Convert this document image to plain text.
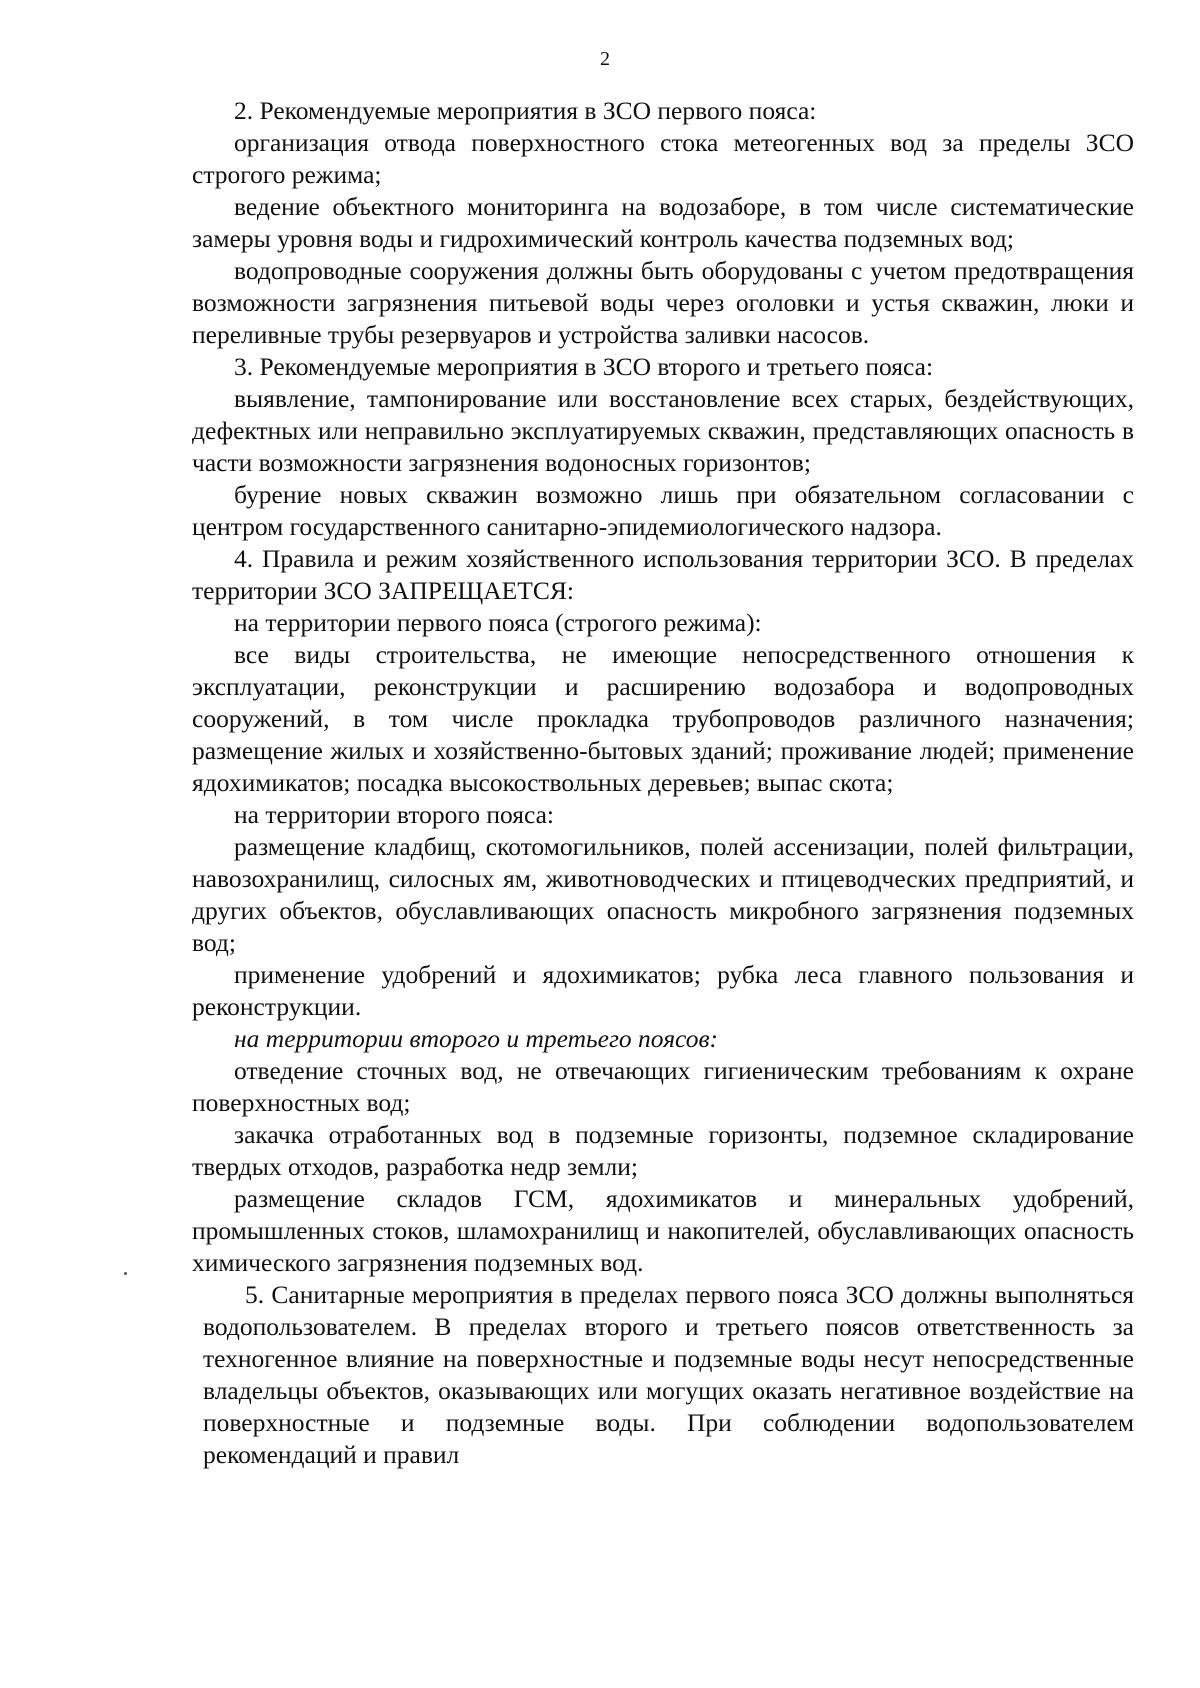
2

2. Рекомендуемые мероприятия в ЗСО первого пояса:

организация отвода поверхностного стока метеогенных вод за пределы ЗСО строгого режима;

ведение объектного мониторинга на водозаборе, в том числе систематические замеры уровня воды и гидрохимический контроль качества подземных вод;

водопроводные сооружения должны быть оборудованы с учетом предотвращения возможности загрязнения питьевой воды через оголовки и устья скважин, люки и переливные трубы резервуаров и устройства заливки насосов.

3. Рекомендуемые мероприятия в ЗСО второго и третьего пояса:

выявление, тампонирование или восстановление всех старых, бездействующих, дефектных или неправильно эксплуатируемых скважин, представляющих опасность в части возможности загрязнения водоносных горизонтов;

бурение новых скважин возможно лишь при обязательном согласовании с центром государственного санитарно-эпидемиологического надзора.

4. Правила и режим хозяйственного использования территории ЗСО. В пределах территории ЗСО ЗАПРЕЩАЕТСЯ:

на территории первого пояса (строгого режима):

все виды строительства, не имеющие непосредственного отношения к эксплуатации, реконструкции и расширению водозабора и водопроводных сооружений, в том числе прокладка трубопроводов различного назначения; размещение жилых и хозяйственно-бытовых зданий; проживание людей; применение ядохимикатов; посадка высокоствольных деревьев; выпас скота;

на территории второго пояса:

размещение кладбищ, скотомогильников, полей ассенизации, полей фильтрации, навозохранилищ, силосных ям, животноводческих и птицеводческих предприятий, и других объектов, обуславливающих опасность микробного загрязнения подземных вод;

применение удобрений и ядохимикатов; рубка леса главного пользования и реконструкции.

на территории второго и третьего поясов:

отведение сточных вод, не отвечающих гигиеническим требованиям к охране поверхностных вод;

закачка отработанных вод в подземные горизонты, подземное складирование твердых отходов, разработка недр земли;

размещение складов ГСМ, ядохимикатов и минеральных удобрений, промышленных стоков, шламохранилищ и накопителей, обуславливающих опасность химического загрязнения подземных вод.

5. Санитарные мероприятия в пределах первого пояса ЗСО должны выполняться водопользователем. В пределах второго и третьего поясов ответственность за техногенное влияние на поверхностные и подземные воды несут непосредственные владельцы объектов, оказывающих или могущих оказать негативное воздействие на поверхностные и подземные воды. При соблюдении водопользователем рекомендаций и правил
